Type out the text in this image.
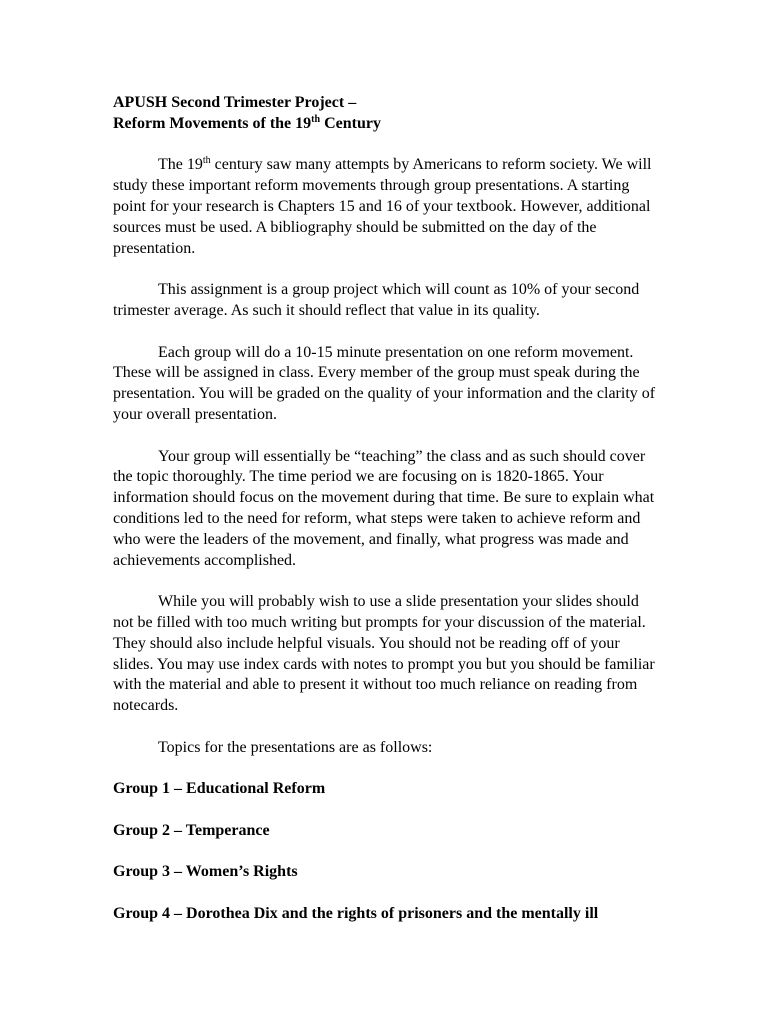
APUSH Second Trimester Project –
Reform Movements of the 19th Century

The 19th century saw many attempts by Americans to reform society. We will study these important reform movements through group presentations. A starting point for your research is Chapters 15 and 16 of your textbook. However, additional sources must be used. A bibliography should be submitted on the day of the presentation.

This assignment is a group project which will count as 10% of your second trimester average. As such it should reflect that value in its quality.

Each group will do a 10-15 minute presentation on one reform movement. These will be assigned in class. Every member of the group must speak during the presentation. You will be graded on the quality of your information and the clarity of your overall presentation.

Your group will essentially be “teaching” the class and as such should cover the topic thoroughly. The time period we are focusing on is 1820-1865. Your information should focus on the movement during that time. Be sure to explain what conditions led to the need for reform, what steps were taken to achieve reform and who were the leaders of the movement, and finally, what progress was made and achievements accomplished.

While you will probably wish to use a slide presentation your slides should not be filled with too much writing but prompts for your discussion of the material. They should also include helpful visuals. You should not be reading off of your slides. You may use index cards with notes to prompt you but you should be familiar with the material and able to present it without too much reliance on reading from notecards.

Topics for the presentations are as follows:

Group 1 – Educational Reform
Group 2 – Temperance
Group 3 – Women’s Rights
Group 4 – Dorothea Dix and the rights of prisoners and the mentally ill
